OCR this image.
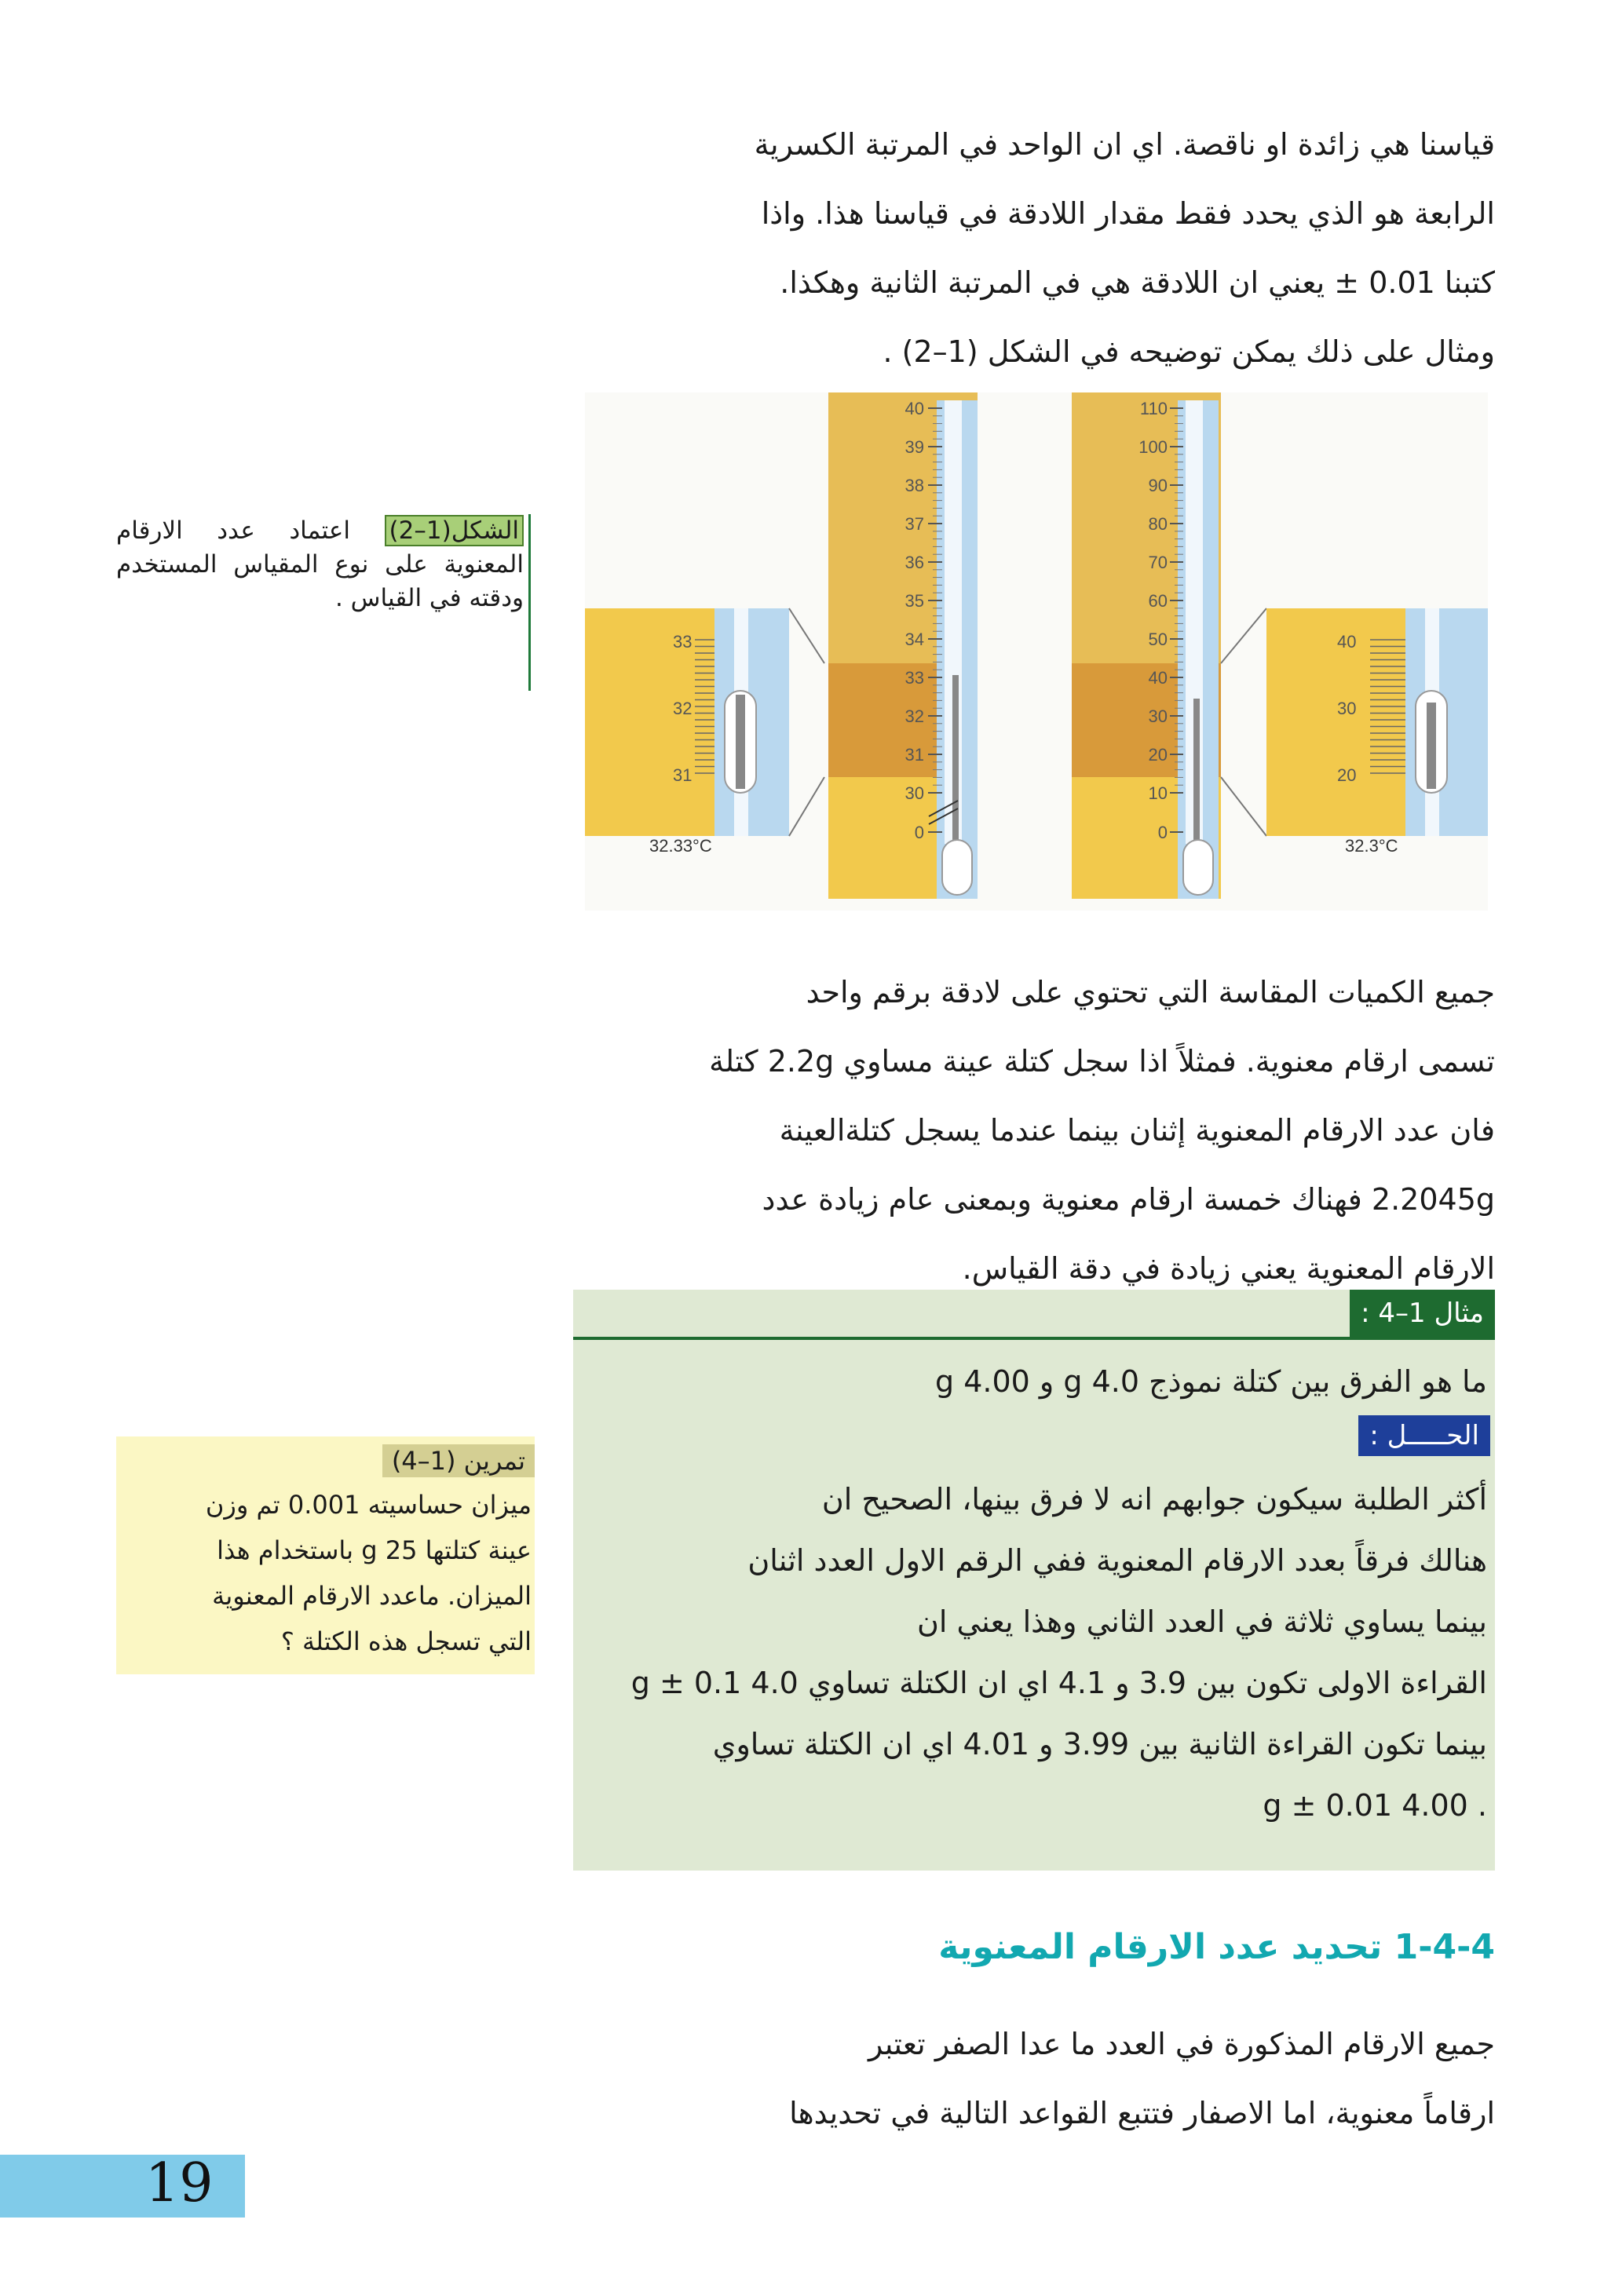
قياسنا هي زائدة او ناقصة. اي ان الواحد في المرتبة الكسرية

الرابعة هو الذي يحدد فقط مقدار اللادقة في قياسنا هذا. واذا

كتبنا 0.01 ± يعني ان اللادقة هي في المرتبة الثانية وهكذا.

ومثال على ذلك يمكن توضيحه في الشكل (1–2) .

الشكل(1–2) اعتماد عدد الارقام المعنوية على نوع المقياس المستخدم ودقته في القياس .
33
32
31
32.33°C
40
39
38
37
36
35
34
33
32
31
30
0
110
100
90
80
70
60
50
40
30
20
10
0
40
30
20
32.3°C

جميع الكميات المقاسة التي تحتوي على لادقة برقم واحد

تسمى ارقام معنوية. فمثلاً اذا سجل كتلة عينة مساوي 2.2g كتلة

فان عدد الارقام المعنوية إثنان بينما عندما يسجل كتلةالعينة

2.2045g فهناك خمسة ارقام معنوية وبمعنى عام زيادة عدد

الارقام المعنوية يعني زيادة في دقة القياس.

مثال 1–4 :
ما هو الفرق بين كتلة نموذج 4.0 g و 4.00 g
الحـــــل :

أكثر الطلبة سيكون جوابهم انه لا فرق بينها، الصحيح ان

هنالك فرقاً بعدد الارقام المعنوية ففي الرقم الاول العدد اثنان

بينما يساوي ثلاثة في العدد الثاني وهذا يعني ان

القراءة الاولى تكون بين 3.9 و 4.1 اي ان الكتلة تساوي 4.0 g ± 0.1

بينما تكون القراءة الثانية بين 3.99 و 4.01 اي ان الكتلة تساوي

. 4.00 g ± 0.01

تمرين (1–4)

ميزان حساسيته 0.001 تم وزن

عينة كتلتها 25 g باستخدام هذا

الميزان. ماعدد الارقام المعنوية

التي تسجل هذه الكتلة ؟

1-4-4 تحديد عدد الارقام المعنوية

جميع الارقام المذكورة في العدد ما عدا الصفر تعتبر

ارقاماً معنوية، اما الاصفار فتتبع القواعد التالية في تحديدها

19
